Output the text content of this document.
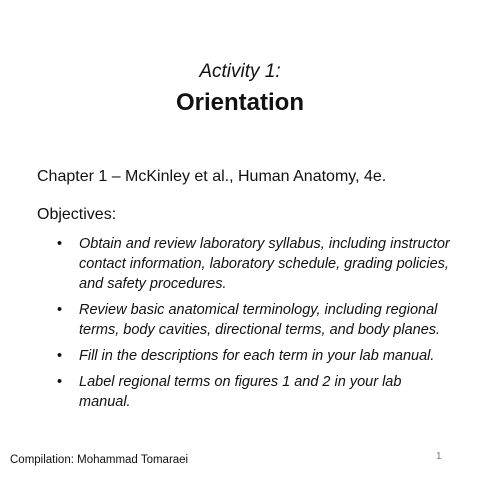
Activity 1:
Orientation
Chapter 1 – McKinley et al., Human Anatomy, 4e.
Objectives:
• Obtain and review laboratory syllabus, including instructor contact information, laboratory schedule, grading policies, and safety procedures.
• Review basic anatomical terminology, including regional terms, body cavities, directional terms, and body planes.
• Fill in the descriptions for each term in your lab manual.
• Label regional terms on figures 1 and 2 in your lab manual.
Compilation: Mohammad Tomaraei	1
